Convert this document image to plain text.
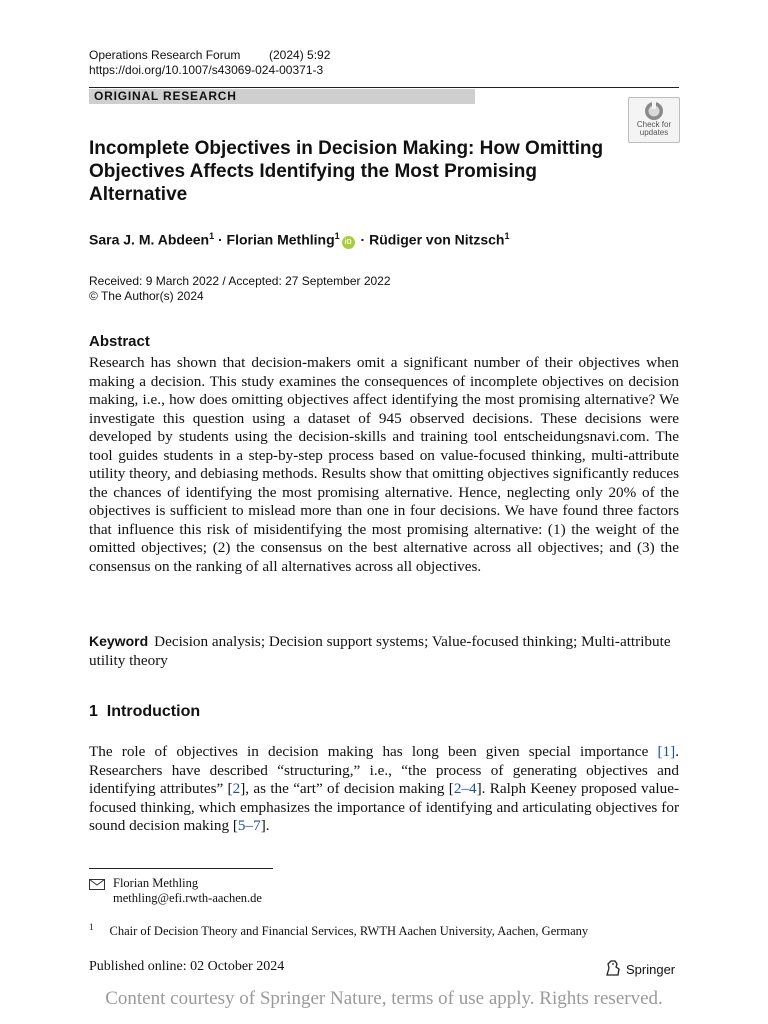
Operations Research Forum (2024) 5:92
https://doi.org/10.1007/s43069-024-00371-3
ORIGINAL RESEARCH
Check for
updates
Incomplete Objectives in Decision Making: How Omitting Objectives Affects Identifying the Most Promising Alternative
Sara J. M. Abdeen$^1$ · Florian Methling$^1$iD · Rüdiger von Nitzsch$^1$
Received: 9 March 2022 / Accepted: 27 September 2022
© The Author(s) 2024
Abstract
Research has shown that decision-makers omit a significant number of their objectives when making a decision. This study examines the consequences of incomplete objectives on decision making, i.e., how does omitting objectives affect identifying the most promising alternative? We investigate this question using a dataset of 945 observed decisions. These decisions were developed by students using the decision-skills and training tool entscheidungsnavi.com. The tool guides students in a step-by-step process based on value-focused thinking, multi-attribute utility theory, and debiasing methods. Results show that omitting objectives significantly reduces the chances of identifying the most promising alternative. Hence, neglecting only 20% of the objectives is sufficient to mislead more than one in four decisions. We have found three factors that influence this risk of misidentifying the most promising alternative: (1) the weight of the omitted objectives; (2) the consensus on the best alternative across all objectives; and (3) the consensus on the ranking of all alternatives across all objectives.
Keyword Decision analysis; Decision support systems; Value-focused thinking; Multi-attribute utility theory
1 Introduction
The role of objectives in decision making has long been given special importance [1]. Researchers have described “structuring,” i.e., “the process of generating objectives and identifying attributes” [2], as the “art” of decision making [2–4]. Ralph Keeney proposed value-focused thinking, which emphasizes the importance of identifying and articulating objectives for sound decision making [5–7].
Florian Methling
methling@efi.rwth-aachen.de
$^1$ Chair of Decision Theory and Financial Services, RWTH Aachen University, Aachen, Germany
Published online: 02 October 2024	Springer
Content courtesy of Springer Nature, terms of use apply. Rights reserved.
